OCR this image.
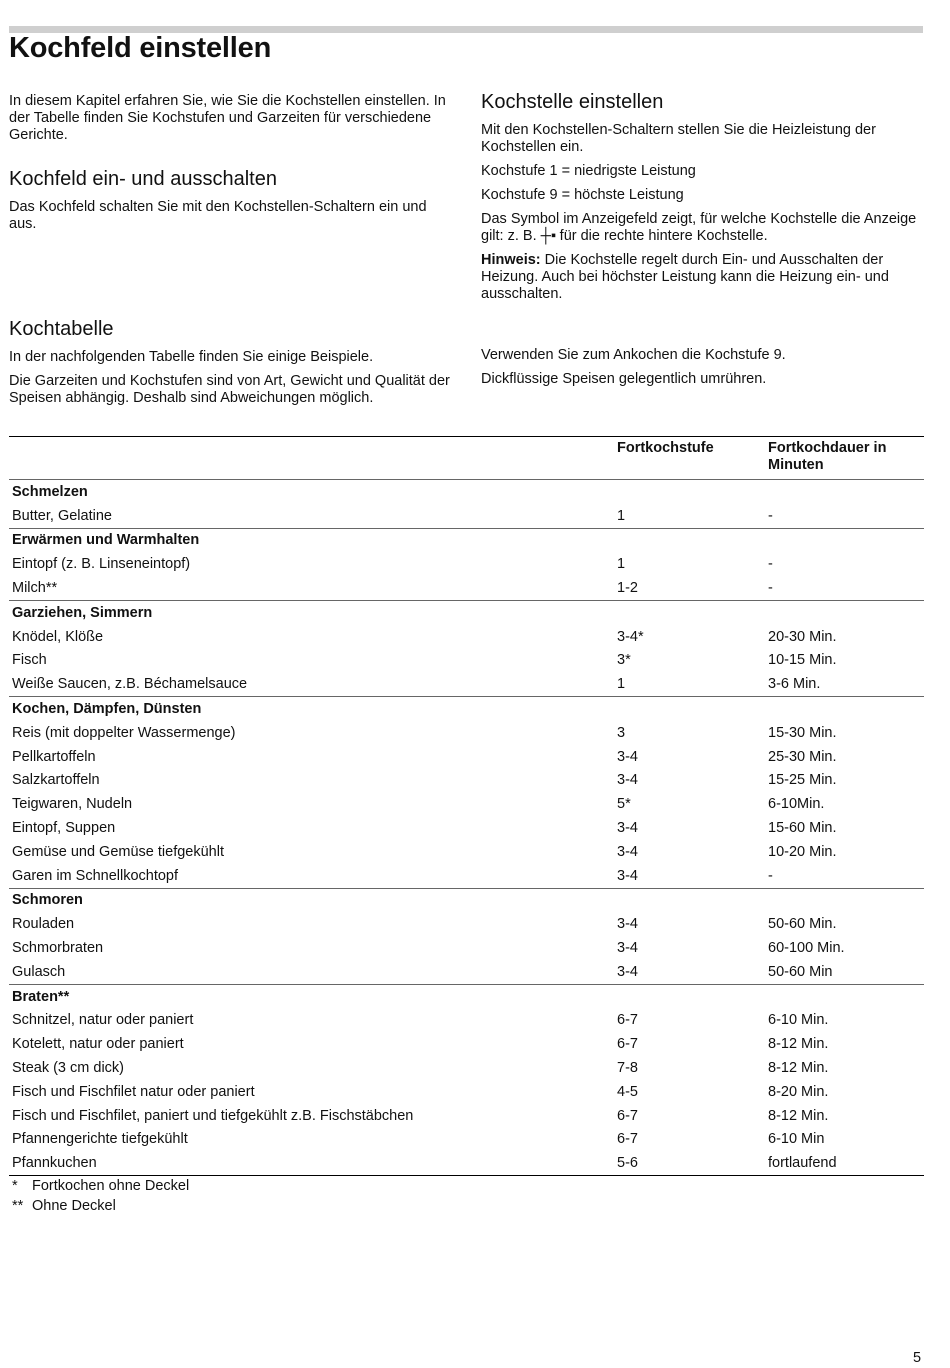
Kochfeld einstellen

In diesem Kapitel erfahren Sie, wie Sie die Kochstellen einstellen. In der Tabelle finden Sie Kochstufen und Garzeiten für verschiedene Gerichte.

Kochfeld ein- und ausschalten

Das Kochfeld schalten Sie mit den Kochstellen-Schaltern ein und aus.

Kochstelle einstellen

Mit den Kochstellen-Schaltern stellen Sie die Heizleistung der Kochstellen ein.

Kochstufe 1 = niedrigste Leistung

Kochstufe 9 = höchste Leistung

Das Symbol im Anzeigefeld zeigt, für welche Kochstelle die Anzeige gilt: z. B. ┼▪ für die rechte hintere Kochstelle.

Hinweis: Die Kochstelle regelt durch Ein- und Ausschalten der Heizung. Auch bei höchster Leistung kann die Heizung ein- und ausschalten.

Kochtabelle

In der nachfolgenden Tabelle finden Sie einige Beispiele.

Die Garzeiten und Kochstufen sind von Art, Gewicht und Qualität der Speisen abhängig. Deshalb sind Abweichungen möglich.

Verwenden Sie zum Ankochen die Kochstufe 9.

Dickflüssige Speisen gelegentlich umrühren.

	Fortkochstufe	Fortkochdauer in Minuten
Schmelzen		
Butter, Gelatine	1	-
Erwärmen und Warmhalten		
Eintopf (z. B. Linseneintopf)	1	-
Milch**	1-2	-
Garziehen, Simmern		
Knödel, Klöße	3-4*	20-30 Min.
Fisch	3*	10-15 Min.
Weiße Saucen, z.B. Béchamelsauce	1	3-6 Min.
Kochen, Dämpfen, Dünsten		
Reis (mit doppelter Wassermenge)	3	15-30 Min.
Pellkartoffeln	3-4	25-30 Min.
Salzkartoffeln	3-4	15-25 Min.
Teigwaren, Nudeln	5*	6-10Min.
Eintopf, Suppen	3-4	15-60 Min.
Gemüse und Gemüse tiefgekühlt	3-4	10-20 Min.
Garen im Schnellkochtopf	3-4	-
Schmoren		
Rouladen	3-4	50-60 Min.
Schmorbraten	3-4	60-100 Min.
Gulasch	3-4	50-60 Min
Braten**		
Schnitzel, natur oder paniert	6-7	6-10 Min.
Kotelett, natur oder paniert	6-7	8-12 Min.
Steak (3 cm dick)	7-8	8-12 Min.
Fisch und Fischfilet natur oder paniert	4-5	8-20 Min.
Fisch und Fischfilet, paniert und tiefgekühlt z.B. Fischstäbchen	6-7	8-12 Min.
Pfannengerichte tiefgekühlt	6-7	6-10 Min
Pfannkuchen	5-6	fortlaufend
* Fortkochen ohne Deckel
** Ohne Deckel
5
